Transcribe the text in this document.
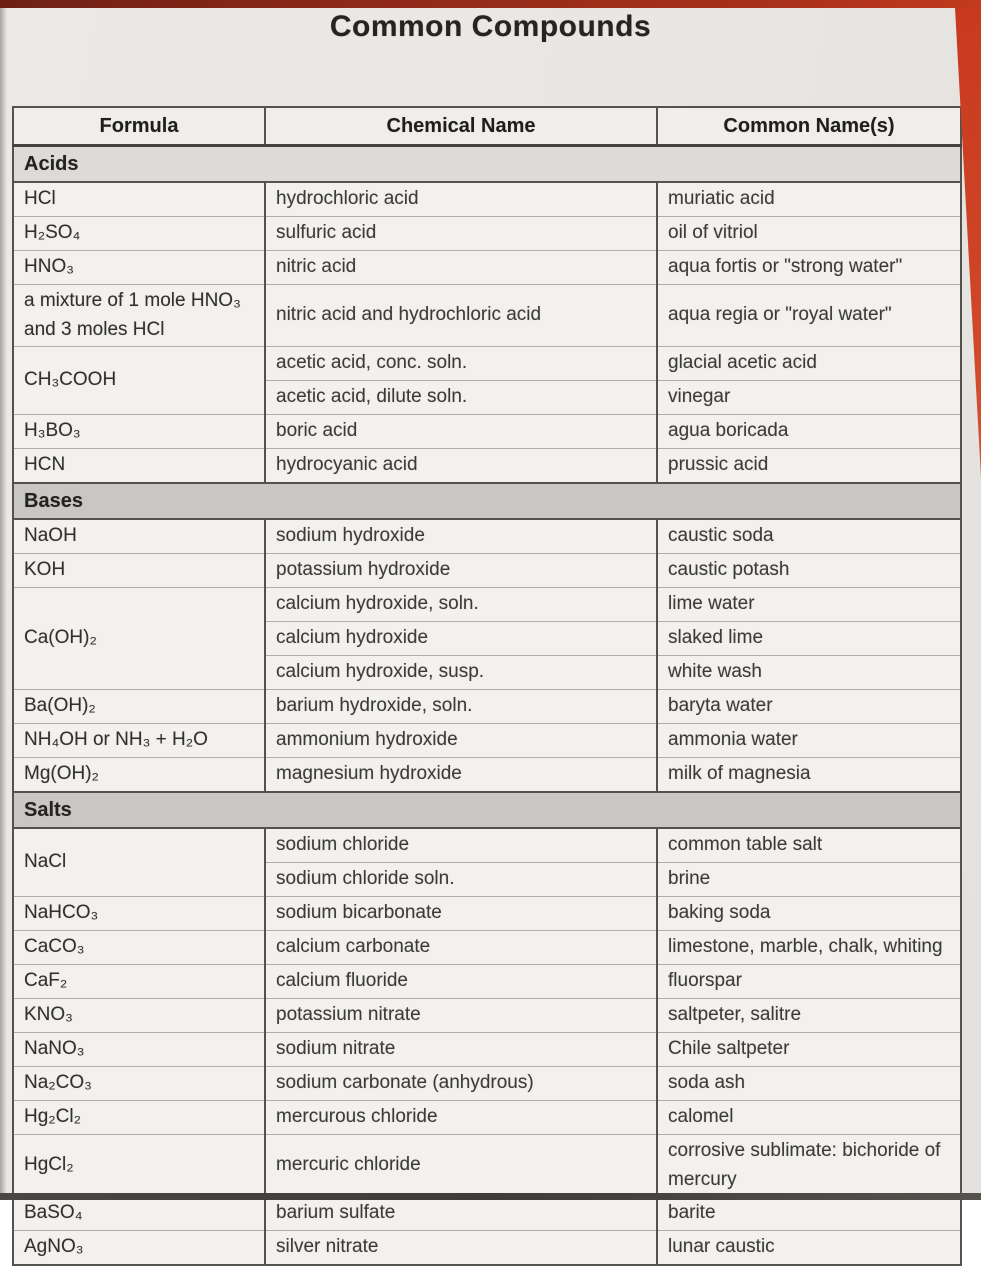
Common Compounds
Formula	Chemical Name	Common Name(s)
Acids		
HCl	hydrochloric acid	muriatic acid
H₂SO₄	sulfuric acid	oil of vitriol
HNO₃	nitric acid	aqua fortis or "strong water"
a mixture of 1 mole HNO₃ and 3 moles HCl	nitric acid and hydrochloric acid	aqua regia or "royal water"
CH₃COOH	acetic acid, conc. soln.	glacial acetic acid
	acetic acid, dilute soln.	vinegar
H₃BO₃	boric acid	agua boricada
HCN	hydrocyanic acid	prussic acid
Bases		
NaOH	sodium hydroxide	caustic soda
KOH	potassium hydroxide	caustic potash
Ca(OH)₂	calcium hydroxide, soln.	lime water
	calcium hydroxide	slaked lime
	calcium hydroxide, susp.	white wash
Ba(OH)₂	barium hydroxide, soln.	baryta water
NH₄OH or NH₃ + H₂O	ammonium hydroxide	ammonia water
Mg(OH)₂	magnesium hydroxide	milk of magnesia
Salts		
NaCl	sodium chloride	common table salt
	sodium chloride soln.	brine
NaHCO₃	sodium bicarbonate	baking soda
CaCO₃	calcium carbonate	limestone, marble, chalk, whiting
CaF₂	calcium fluoride	fluorspar
KNO₃	potassium nitrate	saltpeter, salitre
NaNO₃	sodium nitrate	Chile saltpeter
Na₂CO₃	sodium carbonate (anhydrous)	soda ash
Hg₂Cl₂	mercurous chloride	calomel
HgCl₂	mercuric chloride	corrosive sublimate: bichoride of mercury
BaSO₄	barium sulfate	barite
AgNO₃	silver nitrate	lunar caustic
